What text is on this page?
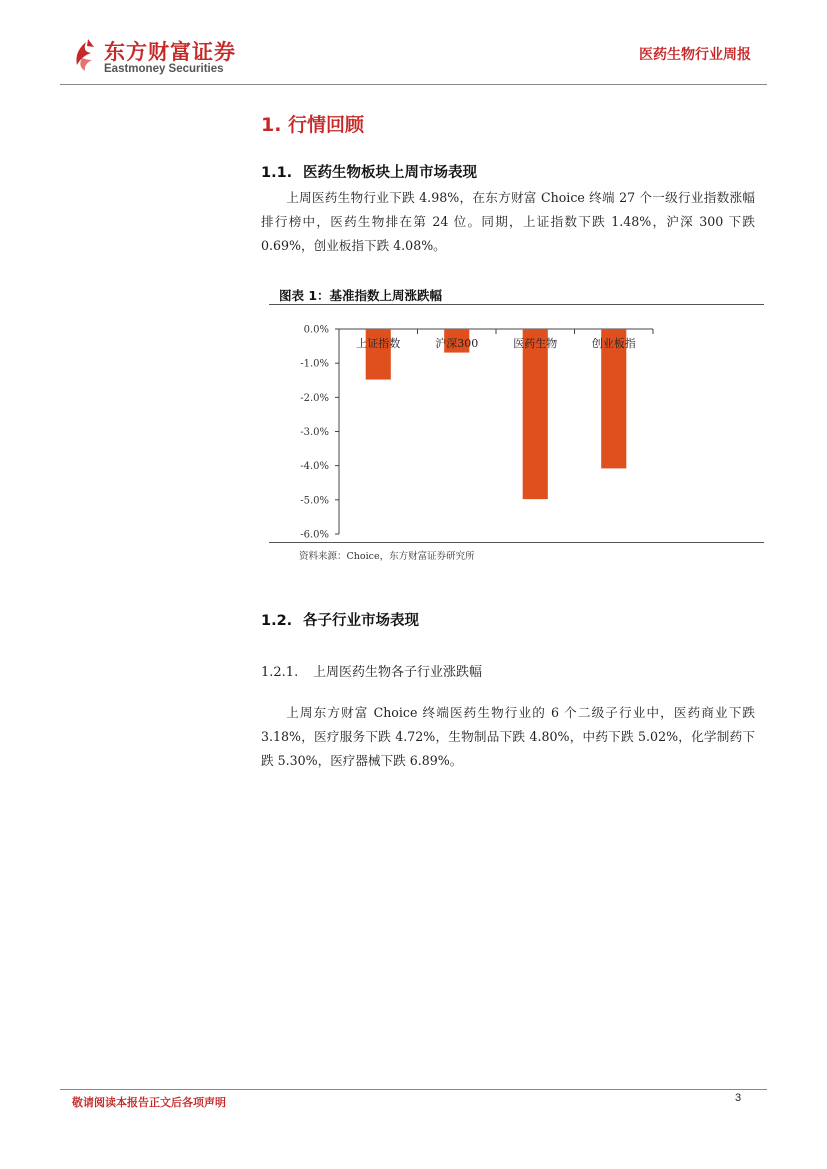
东方财富证券
Eastmoney Securities
医药生物行业周报
1. 行情回顾
1.1. 医药生物板块上周市场表现
上周医药生物行业下跌 4.98%，在东方财富 Choice 终端 27 个一级行业指数涨幅排行榜中，医药生物排在第 24 位。同期，上证指数下跌 1.48%，沪深 300 下跌 0.69%，创业板指下跌 4.08%。
图表 1：基准指数上周涨跌幅
0.0%
-1.0%
-2.0%
-3.0%
-4.0%
-5.0%
-6.0%
上证指数	沪深300	医药生物	创业板指
资料来源：Choice，东方财富证券研究所
1.2. 各子行业市场表现
1.2.1. 上周医药生物各子行业涨跌幅
上周东方财富 Choice 终端医药生物行业的 6 个二级子行业中，医药商业下跌 3.18%，医疗服务下跌 4.72%，生物制品下跌 4.80%，中药下跌 5.02%，化学制药下跌 5.30%，医疗器械下跌 6.89%。
敬请阅读本报告正文后各项声明	3
